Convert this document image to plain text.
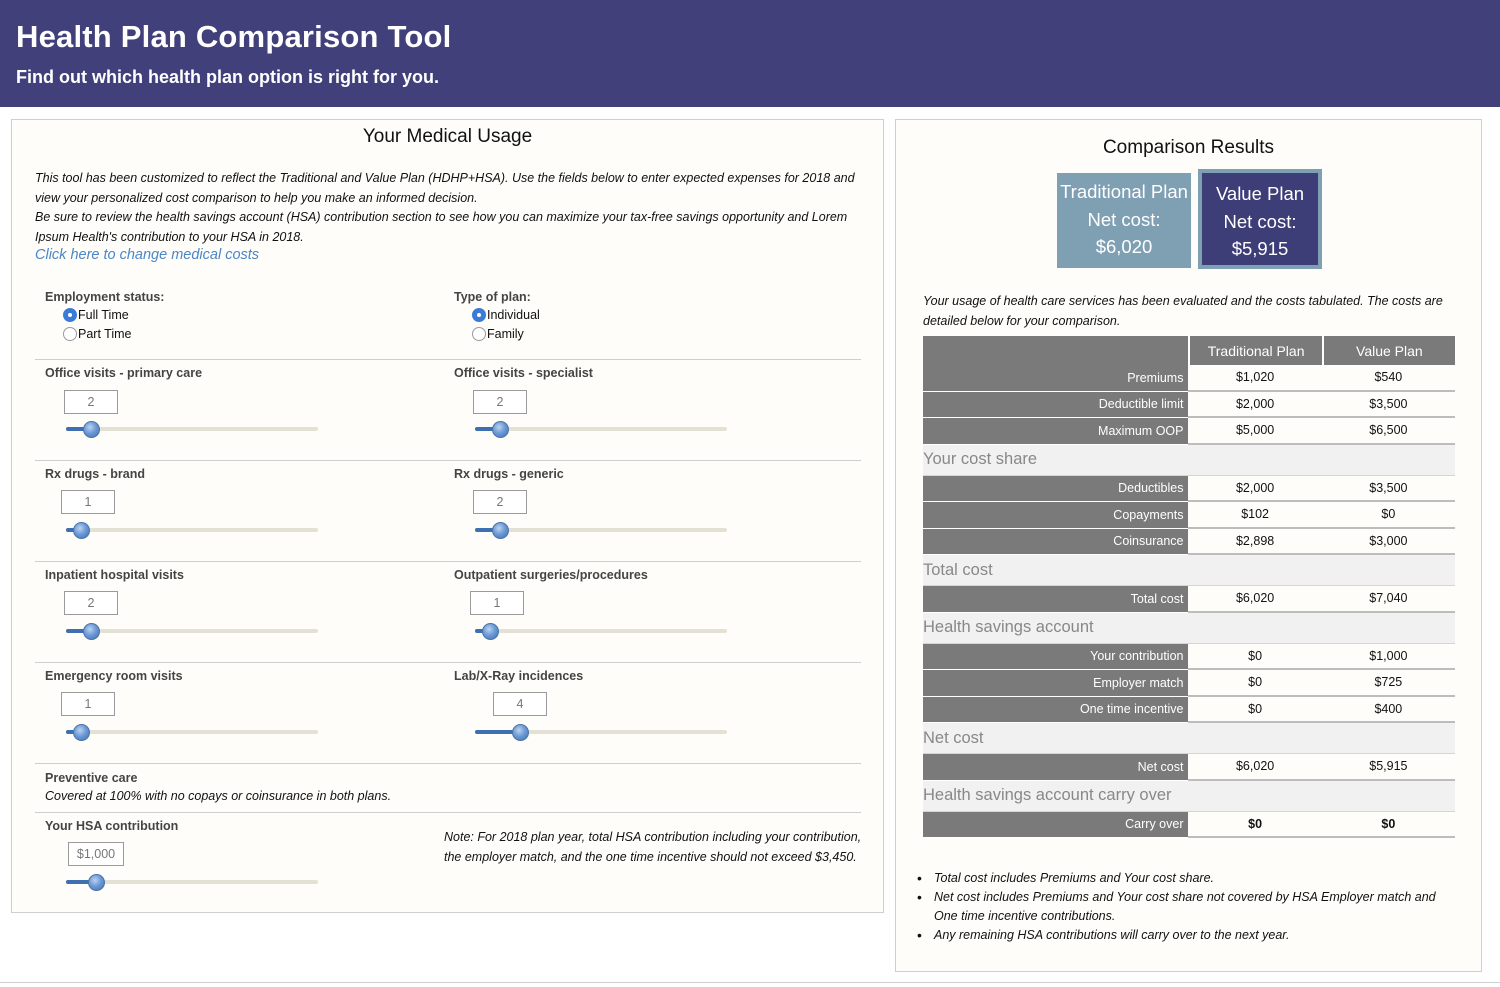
Health Plan Comparison Tool
Find out which health plan option is right for you.
Your Medical Usage
This tool has been customized to reflect the Traditional and Value Plan (HDHP+HSA). Use the fields below to enter expected expenses for 2018 and view your personalized cost comparison to help you make an informed decision.
Be sure to review the health savings account (HSA) contribution section to see how you can maximize your tax-free savings opportunity and Lorem Ipsum Health's contribution to your HSA in 2018.
Click here to change medical costs
Employment status:
Full Time
Part Time
Type of plan:
Individual
Family
Office visits - primary care
2
Office visits - specialist
2
Rx drugs - brand
1
Rx drugs - generic
2
Inpatient hospital visits
2
Outpatient surgeries/procedures
1
Emergency room visits
1
Lab/X-Ray incidences
4
Preventive care
Covered at 100% with no copays or coinsurance in both plans.
Your HSA contribution
$1,000
Note: For 2018 plan year, total HSA contribution including your contribution, the employer match, and the one time incentive should not exceed $3,450.
Comparison Results
Traditional Plan
Net cost:
$6,020
Value Plan
Net cost:
$5,915
Your usage of health care services has been evaluated and the costs tabulated. The costs are detailed below for your comparison.
	Traditional Plan	Value Plan
Premiums	$1,020	$540
Deductible limit	$2,000	$3,500
Maximum OOP	$5,000	$6,500
Your cost share		
Deductibles	$2,000	$3,500
Copayments	$102	$0
Coinsurance	$2,898	$3,000
Total cost		
Total cost	$6,020	$7,040
Health savings account		
Your contribution	$0	$1,000
Employer match	$0	$725
One time incentive	$0	$400
Net cost		
Net cost	$6,020	$5,915
Health savings account carry over		
Carry over	$0	$0
• Total cost includes Premiums and Your cost share.
• Net cost includes Premiums and Your cost share not covered by HSA Employer match and One time incentive contributions.
• Any remaining HSA contributions will carry over to the next year.
